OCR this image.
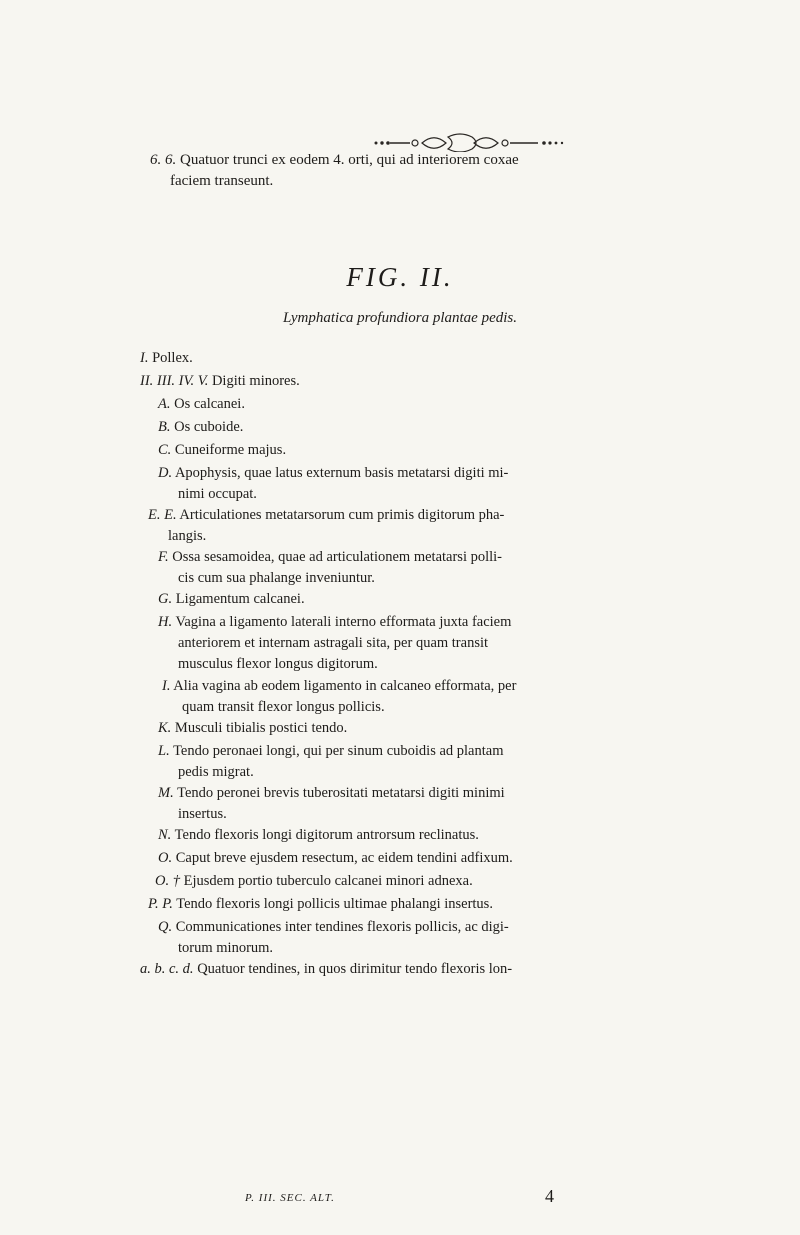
6. 6. Quatuor trunci ex eodem 4. orti, qui ad interiorem coxae
faciem transeunt.
FIG. II.
Lymphatica profundiora plantae pedis.
I. Pollex.
II. III. IV. V. Digiti minores.
A. Os calcanei.
B. Os cuboide.
C. Cuneiforme majus.
D. Apophysis, quae latus externum basis metatarsi digiti mi-
nimi occupat.
E. E. Articulationes metatarsorum cum primis digitorum pha-
langis.
F. Ossa sesamoidea, quae ad articulationem metatarsi polli-
cis cum sua phalange inveniuntur.
G. Ligamentum calcanei.
H. Vagina a ligamento laterali interno efformata juxta faciem
anteriorem et internam astragali sita, per quam transit
musculus flexor longus digitorum.
I. Alia vagina ab eodem ligamento in calcaneo efformata, per
quam transit flexor longus pollicis.
K. Musculi tibialis postici tendo.
L. Tendo peronaei longi, qui per sinum cuboidis ad plantam
pedis migrat.
M. Tendo peronei brevis tuberositati metatarsi digiti minimi
insertus.
N. Tendo flexoris longi digitorum antrorsum reclinatus.
O. Caput breve ejusdem resectum, ac eidem tendini adfixum.
O. † Ejusdem portio tuberculo calcanei minori adnexa.
P. P. Tendo flexoris longi pollicis ultimae phalangi insertus.
Q. Communicationes inter tendines flexoris pollicis, ac digi-
torum minorum.
a. b. c. d. Quatuor tendines, in quos dirimitur tendo flexoris lon-
P. III. SEC. ALT.	4
